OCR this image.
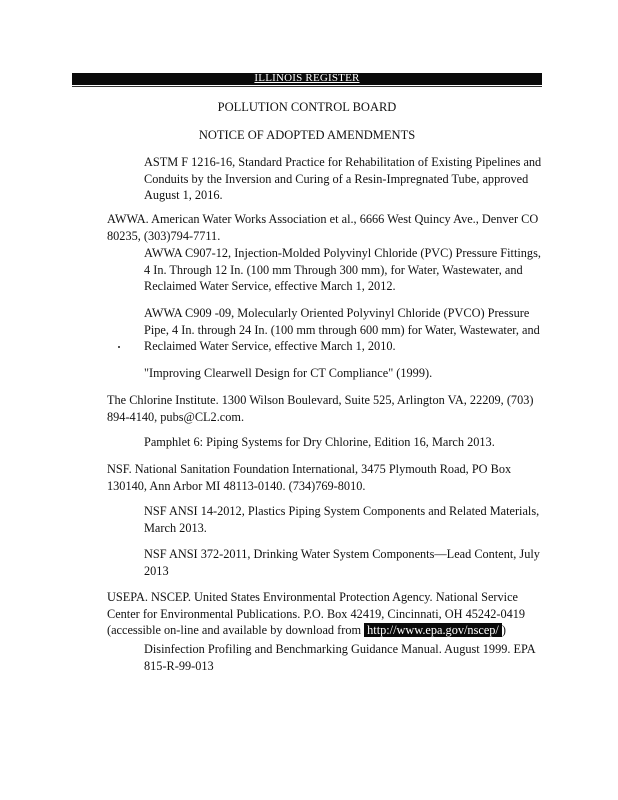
ILLINOIS REGISTER
POLLUTION CONTROL BOARD
NOTICE OF ADOPTED AMENDMENTS

ASTM F 1216-16, Standard Practice for Rehabilitation of Existing Pipelines and Conduits by the Inversion and Curing of a Resin-Impregnated Tube, approved August 1, 2016.

AWWA. American Water Works Association et al., 6666 West Quincy Ave., Denver CO 80235, (303)794-7711.

AWWA C907-12, Injection-Molded Polyvinyl Chloride (PVC) Pressure Fittings, 4 In. Through 12 In. (100 mm Through 300 mm), for Water, Wastewater, and Reclaimed Water Service, effective March 1, 2012.

AWWA C909 -09, Molecularly Oriented Polyvinyl Chloride (PVCO) Pressure Pipe, 4 In. through 24 In. (100 mm through 600 mm) for Water, Wastewater, and Reclaimed Water Service, effective March 1, 2010.

"Improving Clearwell Design for CT Compliance" (1999).

The Chlorine Institute. 1300 Wilson Boulevard, Suite 525, Arlington VA, 22209, (703) 894-4140, pubs@CL2.com.

Pamphlet 6: Piping Systems for Dry Chlorine, Edition 16, March 2013.

NSF. National Sanitation Foundation International, 3475 Plymouth Road, PO Box 130140, Ann Arbor MI 48113-0140. (734)769-8010.

NSF ANSI 14-2012, Plastics Piping System Components and Related Materials, March 2013.

NSF ANSI 372-2011, Drinking Water System Components—Lead Content, July 2013

USEPA. NSCEP. United States Environmental Protection Agency. National Service Center for Environmental Publications. P.O. Box 42419, Cincinnati, OH 45242-0419 (accessible on-line and available by download from http://www.epa.gov/nscep/ )

Disinfection Profiling and Benchmarking Guidance Manual. August 1999. EPA 815-R-99-013
